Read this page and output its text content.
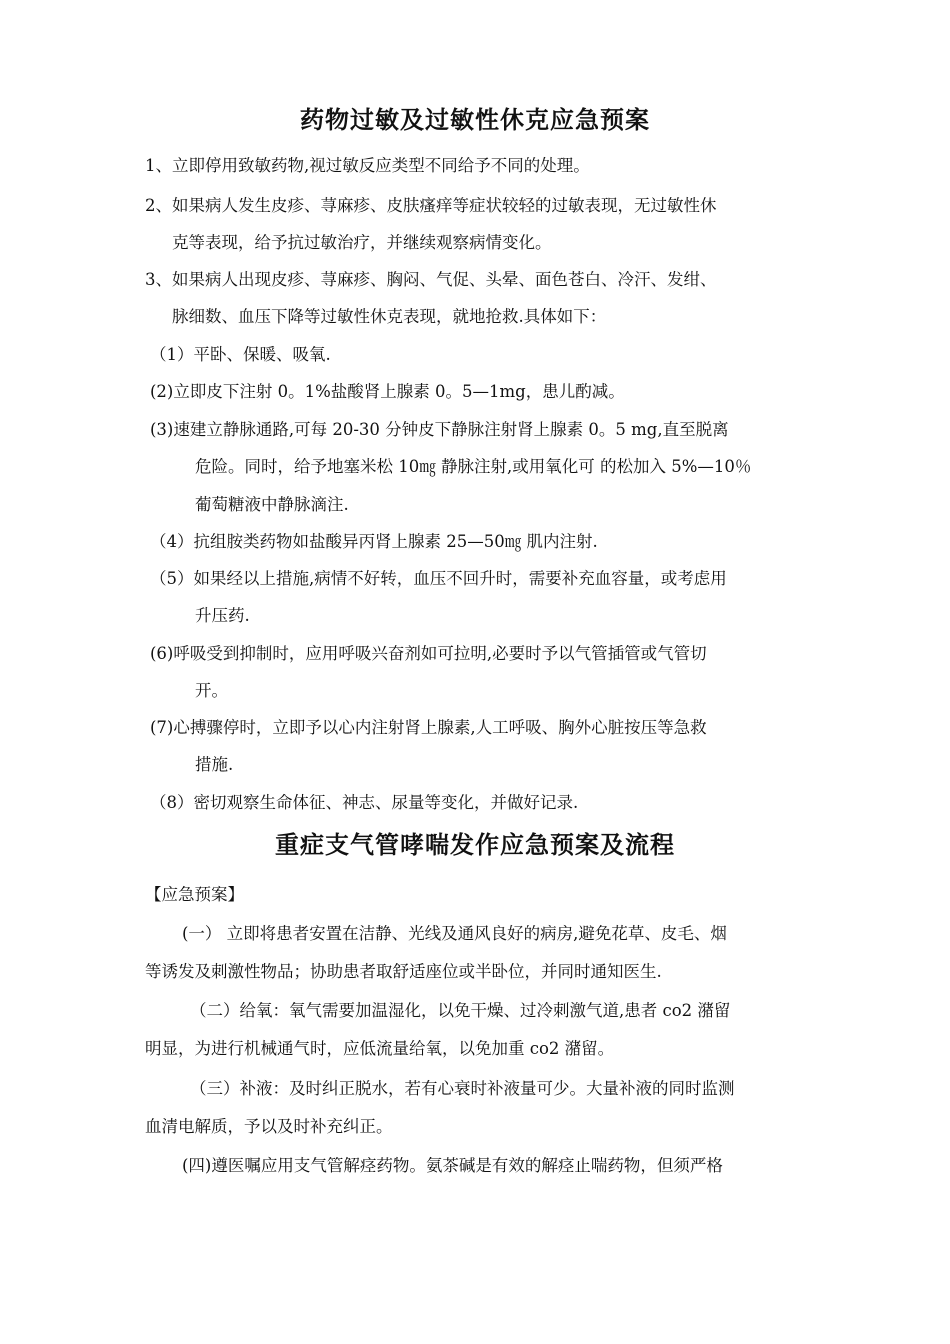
药物过敏及过敏性休克应急预案
1、立即停用致敏药物,视过敏反应类型不同给予不同的处理。
2、如果病人发生皮疹、荨麻疹、皮肤瘙痒等症状较轻的过敏表现，无过敏性休
克等表现，给予抗过敏治疗，并继续观察病情变化。
3、如果病人出现皮疹、荨麻疹、胸闷、气促、头晕、面色苍白、冷汗、发绀、
脉细数、血压下降等过敏性休克表现，就地抢救.具体如下：
（1）平卧、保暖、吸氧.
(2)立即皮下注射 0。1%盐酸肾上腺素 0。5—1mg，患儿酌减。
(3)速建立静脉通路,可每 20-30 分钟皮下静脉注射肾上腺素 0。5 mg,直至脱离
危险。同时，给予地塞米松 10㎎ 静脉注射,或用氧化可 的松加入 5%—10％
葡萄糖液中静脉滴注.
（4）抗组胺类药物如盐酸异丙肾上腺素 25—50㎎ 肌内注射.
（5）如果经以上措施,病情不好转，血压不回升时，需要补充血容量，或考虑用
升压药.
(6)呼吸受到抑制时，应用呼吸兴奋剂如可拉明,必要时予以气管插管或气管切
开。
(7)心搏骤停时，立即予以心内注射肾上腺素,人工呼吸、胸外心脏按压等急救
措施.
（8）密切观察生命体征、神志、尿量等变化，并做好记录.
重症支气管哮喘发作应急预案及流程
【应急预案】
(一） 立即将患者安置在洁静、光线及通风良好的病房,避免花草、皮毛、烟
等诱发及刺激性物品；协助患者取舒适座位或半卧位，并同时通知医生.
（二）给氧：氧气需要加温湿化，以免干燥、过冷刺激气道,患者 co2 潴留
明显，为进行机械通气时，应低流量给氧，以免加重 co2 潴留。
（三）补液：及时纠正脱水，若有心衰时补液量可少。大量补液的同时监测
血清电解质，予以及时补充纠正。
(四)遵医嘱应用支气管解痉药物。氨茶碱是有效的解痉止喘药物，但须严格
